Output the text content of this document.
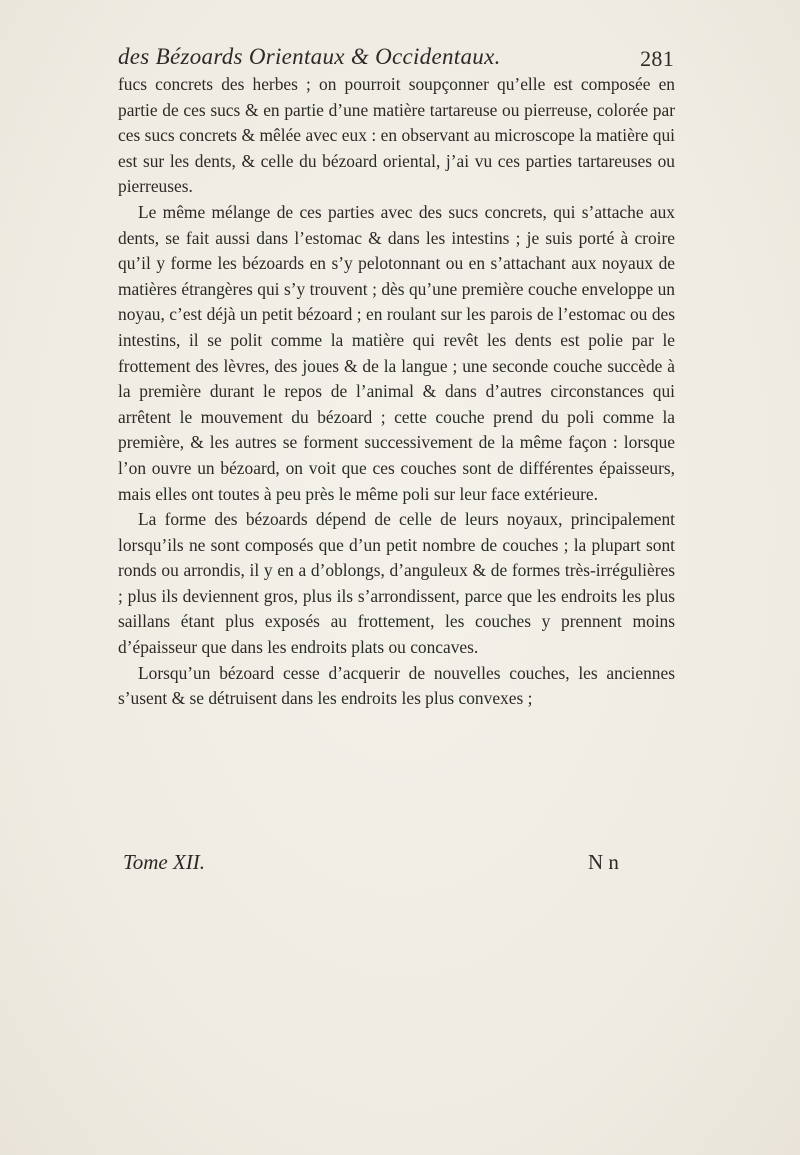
des Bézoards Orientaux & Occidentaux.	281

fucs concrets des herbes ; on pourroit soupçonner qu’elle est composée en partie de ces sucs & en partie d’une matière tartareuse ou pierreuse, colorée par ces sucs concrets & mêlée avec eux : en observant au microscope la matière qui est sur les dents, & celle du bézoard oriental, j’ai vu ces parties tartareuses ou pierreuses.

Le même mélange de ces parties avec des sucs concrets, qui s’attache aux dents, se fait aussi dans l’estomac & dans les intestins ; je suis porté à croire qu’il y forme les bézoards en s’y pelotonnant ou en s’attachant aux noyaux de matières étrangères qui s’y trouvent ; dès qu’une première couche enveloppe un noyau, c’est déjà un petit bézoard ; en roulant sur les parois de l’estomac ou des intestins, il se polit comme la matière qui revêt les dents est polie par le frottement des lèvres, des joues & de la langue ; une seconde couche succède à la première durant le repos de l’animal & dans d’autres circonstances qui arrêtent le mouvement du bézoard ; cette couche prend du poli comme la première, & les autres se forment successivement de la même façon : lorsque l’on ouvre un bézoard, on voit que ces couches sont de différentes épaisseurs, mais elles ont toutes à peu près le même poli sur leur face extérieure.

La forme des bézoards dépend de celle de leurs noyaux, principalement lorsqu’ils ne sont composés que d’un petit nombre de couches ; la plupart sont ronds ou arrondis, il y en a d’oblongs, d’anguleux & de formes très-irrégulières ; plus ils deviennent gros, plus ils s’arrondissent, parce que les endroits les plus saillans étant plus exposés au frottement, les couches y prennent moins d’épaisseur que dans les endroits plats ou concaves.

Lorsqu’un bézoard cesse d’acquerir de nouvelles couches, les anciennes s’usent & se détruisent dans les endroits les plus convexes ;

Tome XII.	N n
